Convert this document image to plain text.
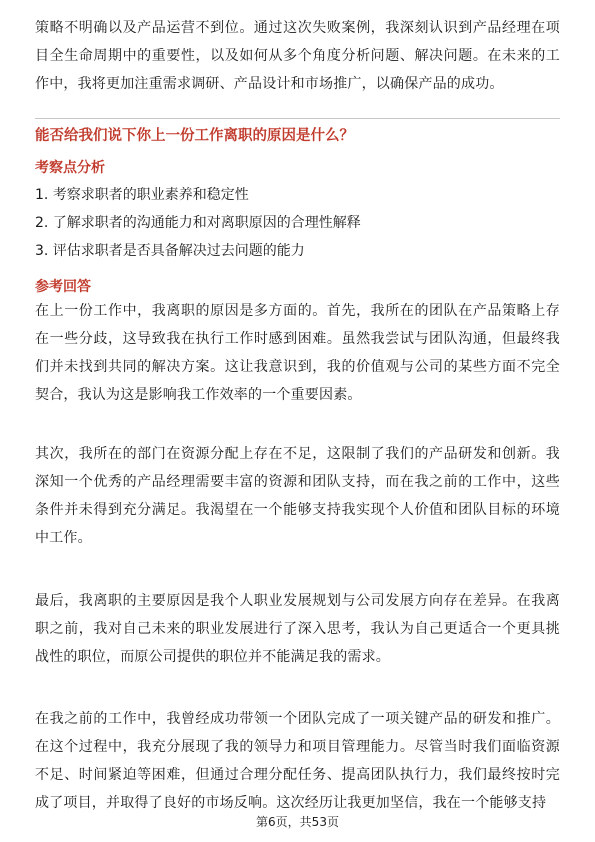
策略不明确以及产品运营不到位。通过这次失败案例，我深刻认识到产品经理在项目全生命周期中的重要性，以及如何从多个角度分析问题、解决问题。在未来的工作中，我将更加注重需求调研、产品设计和市场推广，以确保产品的成功。

能否给我们说下你上一份工作离职的原因是什么？
考察点分析
1. 考察求职者的职业素养和稳定性
2. 了解求职者的沟通能力和对离职原因的合理性解释
3. 评估求职者是否具备解决过去问题的能力
参考回答

在上一份工作中，我离职的原因是多方面的。首先，我所在的团队在产品策略上存在一些分歧，这导致我在执行工作时感到困难。虽然我尝试与团队沟通，但最终我们并未找到共同的解决方案。这让我意识到，我的价值观与公司的某些方面不完全契合，我认为这是影响我工作效率的一个重要因素。

其次，我所在的部门在资源分配上存在不足，这限制了我们的产品研发和创新。我深知一个优秀的产品经理需要丰富的资源和团队支持，而在我之前的工作中，这些条件并未得到充分满足。我渴望在一个能够支持我实现个人价值和团队目标的环境中工作。

最后，我离职的主要原因是我个人职业发展规划与公司发展方向存在差异。在我离职之前，我对自己未来的职业发展进行了深入思考，我认为自己更适合一个更具挑战性的职位，而原公司提供的职位并不能满足我的需求。

在我之前的工作中，我曾经成功带领一个团队完成了一项关键产品的研发和推广。在这个过程中，我充分展现了我的领导力和项目管理能力。尽管当时我们面临资源不足、时间紧迫等困难，但通过合理分配任务、提高团队执行力，我们最终按时完成了项目，并取得了良好的市场反响。这次经历让我更加坚信，我在一个能够支持

第6页，共53页
